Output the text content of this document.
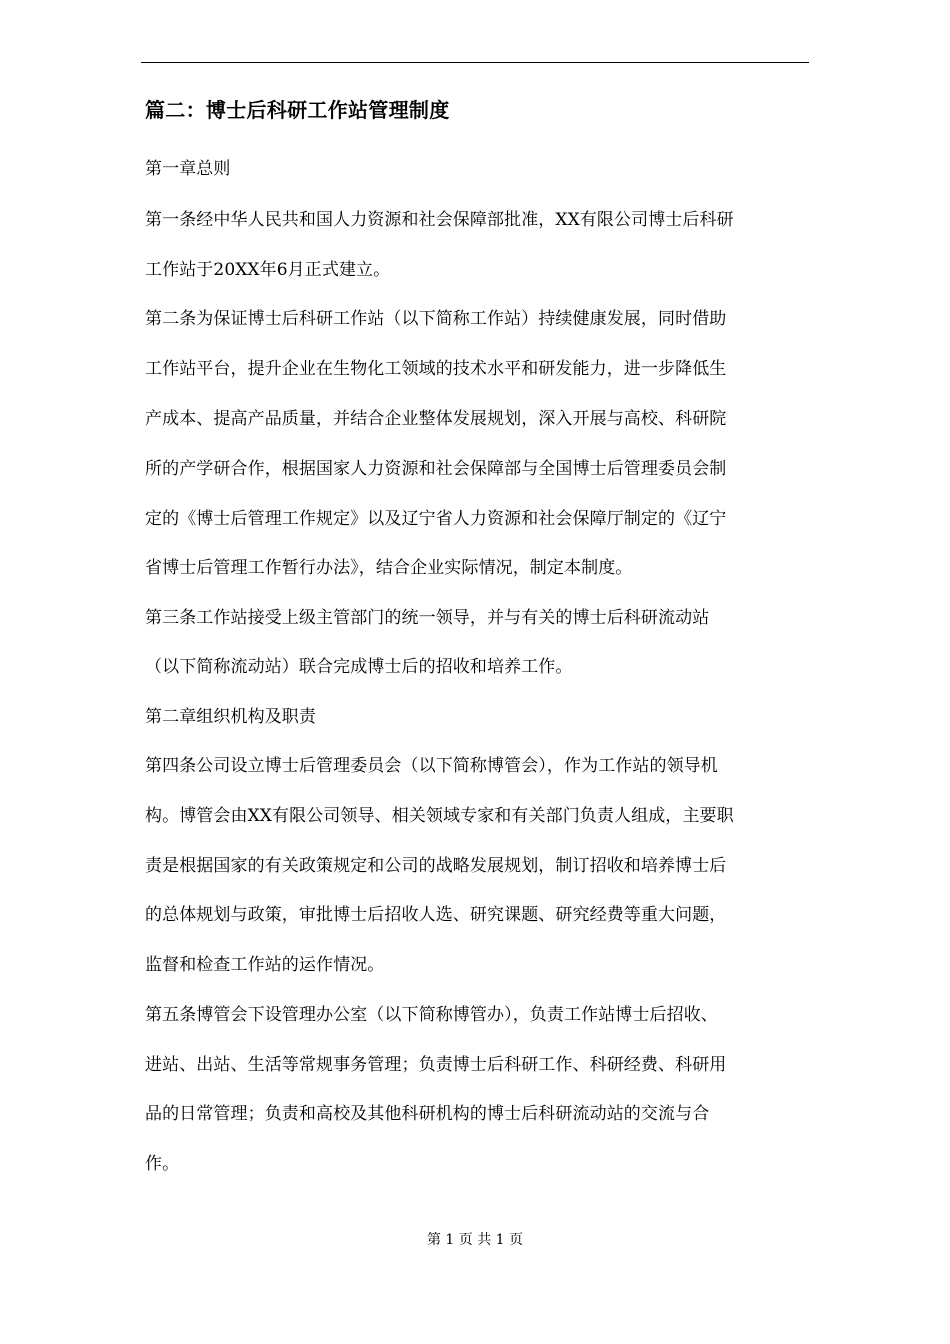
篇二：博士后科研工作站管理制度
第一章总则
第一条经中华人民共和国人力资源和社会保障部批准，XX有限公司博士后科研
工作站于20XX年6月正式建立。
第二条为保证博士后科研工作站（以下简称工作站）持续健康发展，同时借助
工作站平台，提升企业在生物化工领域的技术水平和研发能力，进一步降低生
产成本、提高产品质量，并结合企业整体发展规划，深入开展与高校、科研院
所的产学研合作，根据国家人力资源和社会保障部与全国博士后管理委员会制
定的《博士后管理工作规定》以及辽宁省人力资源和社会保障厅制定的《辽宁
省博士后管理工作暂行办法》，结合企业实际情况，制定本制度。
第三条工作站接受上级主管部门的统一领导，并与有关的博士后科研流动站
（以下简称流动站）联合完成博士后的招收和培养工作。
第二章组织机构及职责
第四条公司设立博士后管理委员会（以下简称博管会），作为工作站的领导机
构。博管会由XX有限公司领导、相关领域专家和有关部门负责人组成，主要职
责是根据国家的有关政策规定和公司的战略发展规划，制订招收和培养博士后
的总体规划与政策，审批博士后招收人选、研究课题、研究经费等重大问题，
监督和检查工作站的运作情况。
第五条博管会下设管理办公室（以下简称博管办），负责工作站博士后招收、
进站、出站、生活等常规事务管理；负责博士后科研工作、科研经费、科研用
品的日常管理；负责和高校及其他科研机构的博士后科研流动站的交流与合
作。
第 1 页 共 1 页
